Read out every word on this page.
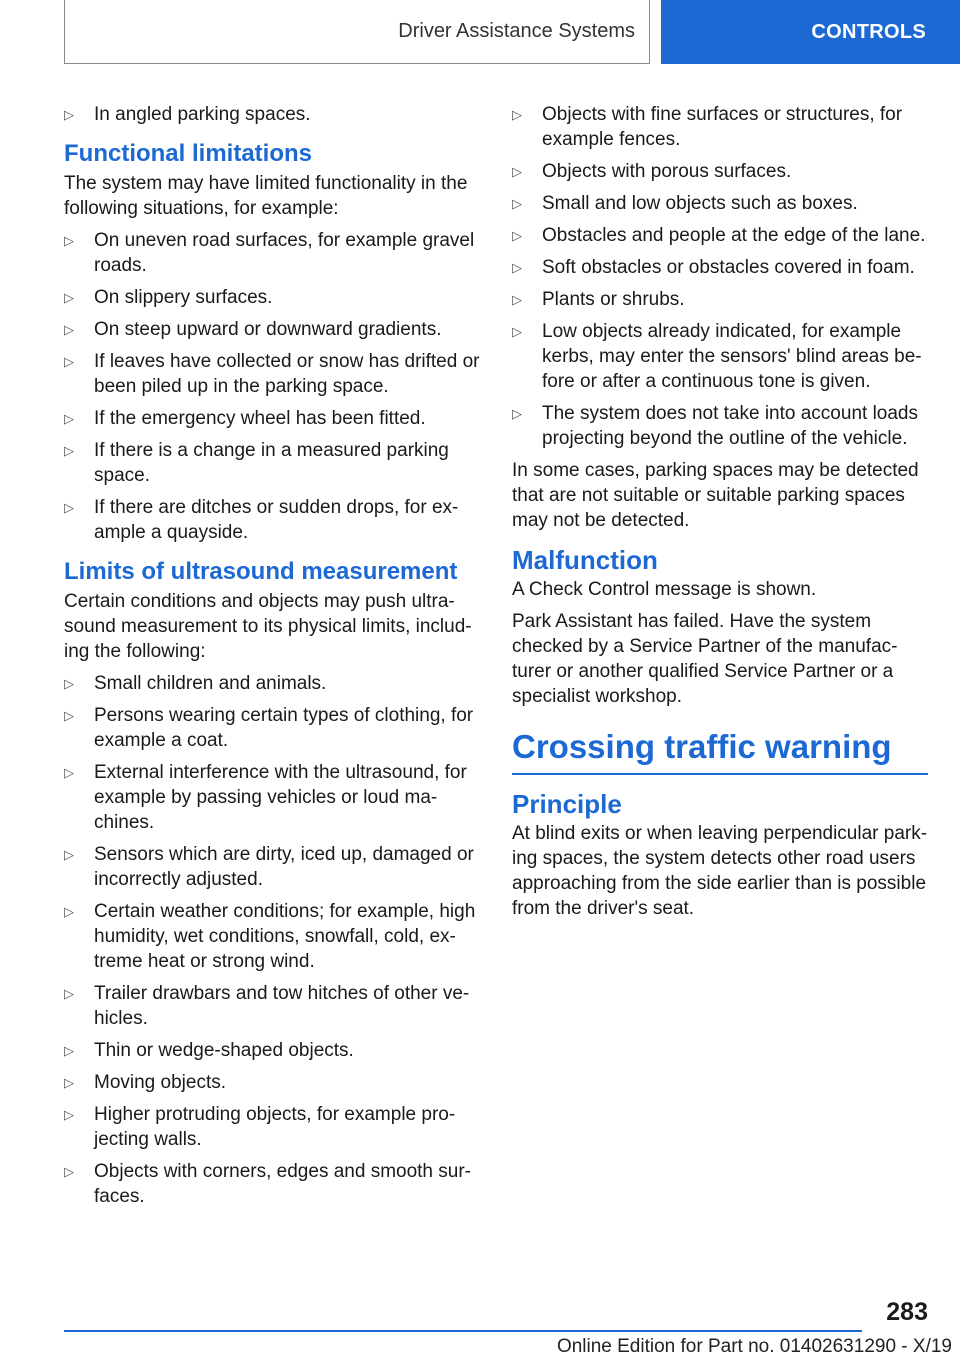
Driver Assistance Systems	CONTROLS
▷ In angled parking spaces.
Functional limitations

The system may have limited functionality in the following situations, for example:

▷ On uneven road surfaces, for example gravel roads.
▷ On slippery surfaces.
▷ On steep upward or downward gradients.
▷ If leaves have collected or snow has drifted or been piled up in the parking space.
▷ If the emergency wheel has been fitted.
▷ If there is a change in a measured parking space.
▷ If there are ditches or sudden drops, for ex‐ ample a quayside.
Limits of ultrasound measurement

Certain conditions and objects may push ultra‐ sound measurement to its physical limits, includ‐ ing the following:

▷ Small children and animals.
▷ Persons wearing certain types of clothing, for example a coat.
▷ External interference with the ultrasound, for example by passing vehicles or loud ma‐ chines.
▷ Sensors which are dirty, iced up, damaged or incorrectly adjusted.
▷ Certain weather conditions; for example, high humidity, wet conditions, snowfall, cold, ex‐ treme heat or strong wind.
▷ Trailer drawbars and tow hitches of other ve‐ hicles.
▷ Thin or wedge-shaped objects.
▷ Moving objects.
▷ Higher protruding objects, for example pro‐ jecting walls.
▷ Objects with corners, edges and smooth sur‐ faces.
▷ Objects with fine surfaces or structures, for example fences.
▷ Objects with porous surfaces.
▷ Small and low objects such as boxes.
▷ Obstacles and people at the edge of the lane.
▷ Soft obstacles or obstacles covered in foam.
▷ Plants or shrubs.
▷ Low objects already indicated, for example kerbs, may enter the sensors' blind areas be‐ fore or after a continuous tone is given.
▷ The system does not take into account loads projecting beyond the outline of the vehicle.

In some cases, parking spaces may be detected that are not suitable or suitable parking spaces may not be detected.

Malfunction

A Check Control message is shown.

Park Assistant has failed. Have the system checked by a Service Partner of the manufac‐ turer or another qualified Service Partner or a specialist workshop.

Crossing traffic warning
Principle

At blind exits or when leaving perpendicular park‐ ing spaces, the system detects other road users approaching from the side earlier than is possible from the driver's seat.

283
Online Edition for Part no. 01402631290 - X/19
